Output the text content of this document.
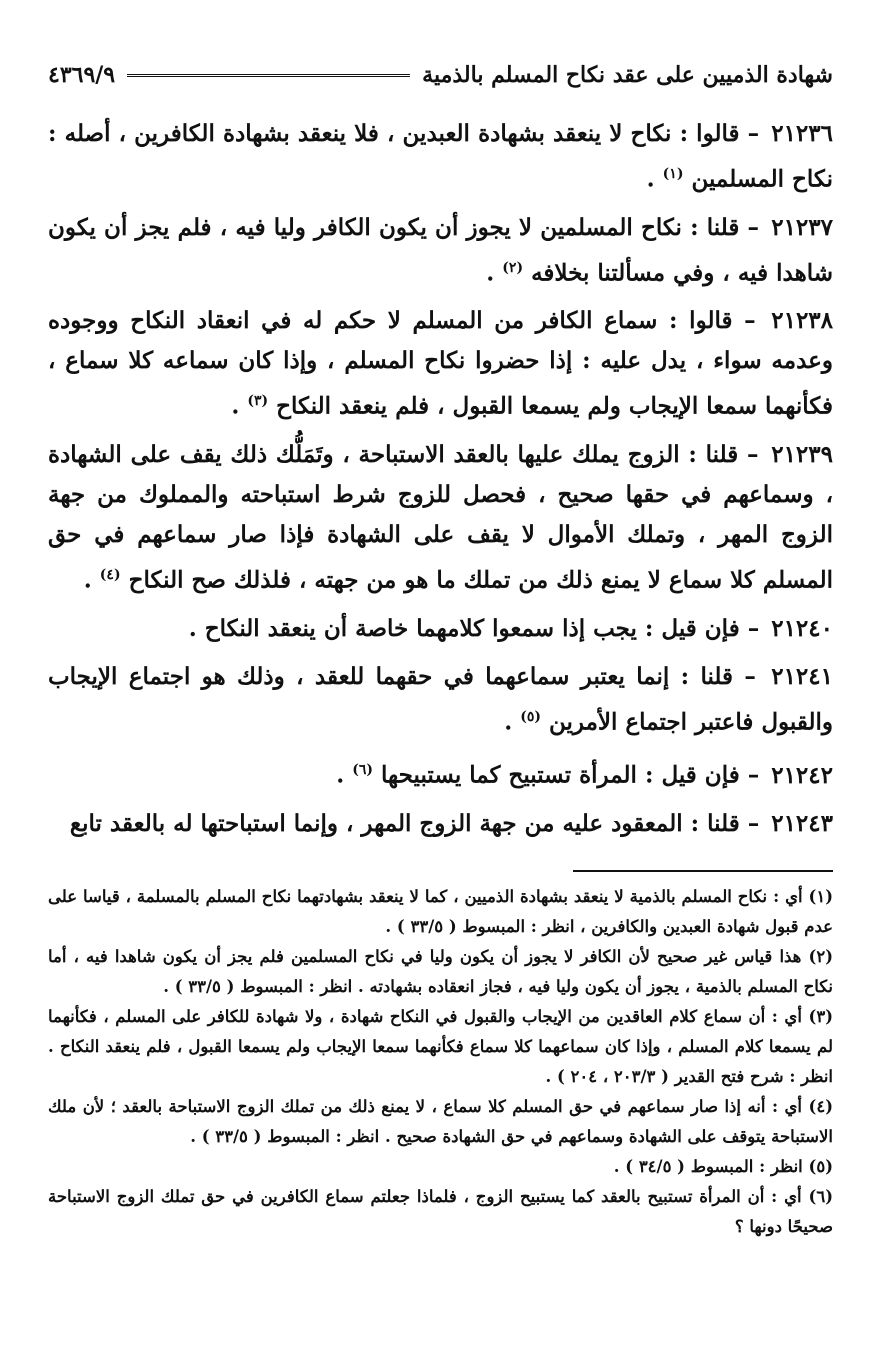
شهادة الذميين على عقد نكاح المسلم بالذمية
٤٣٦٩/٩

٢١٢٣٦ – قالوا : نكاح لا ينعقد بشهادة العبدين ، فلا ينعقد بشهادة الكافرين ، أصله : نكاح المسلمين $^{(١)}$ .

٢١٢٣٧ – قلنا : نكاح المسلمين لا يجوز أن يكون الكافر وليا فيه ، فلم يجز أن يكون شاهدا فيه ، وفي مسألتنا بخلافه $^{(٢)}$ .

٢١٢٣٨ – قالوا : سماع الكافر من المسلم لا حكم له في انعقاد النكاح ووجوده وعدمه سواء ، يدل عليه : إذا حضروا نكاح المسلم ، وإذا كان سماعه كلا سماع ، فكأنهما سمعا الإيجاب ولم يسمعا القبول ، فلم ينعقد النكاح $^{(٣)}$ .

٢١٢٣٩ – قلنا : الزوج يملك عليها بالعقد الاستباحة ، وتَمَلُّك ذلك يقف على الشهادة ، وسماعهم في حقها صحيح ، فحصل للزوج شرط استباحته والمملوك من جهة الزوج المهر ، وتملك الأموال لا يقف على الشهادة فإذا صار سماعهم في حق المسلم كلا سماع لا يمنع ذلك من تملك ما هو من جهته ، فلذلك صح النكاح $^{(٤)}$ .

٢١٢٤٠ – فإن قيل : يجب إذا سمعوا كلامهما خاصة أن ينعقد النكاح .

٢١٢٤١ – قلنا : إنما يعتبر سماعهما في حقهما للعقد ، وذلك هو اجتماع الإيجاب والقبول فاعتبر اجتماع الأمرين $^{(٥)}$ .

٢١٢٤٢ – فإن قيل : المرأة تستبيح كما يستبيحها $^{(٦)}$ .

٢١٢٤٣ – قلنا : المعقود عليه من جهة الزوج المهر ، وإنما استباحتها له بالعقد تابع

(١) أي : نكاح المسلم بالذمية لا ينعقد بشهادة الذميين ، كما لا ينعقد بشهادتهما نكاح المسلم بالمسلمة ، قياسا على عدم قبول شهادة العبدين والكافرين ، انظر : المبسوط ( ٣٣/٥ ) .

(٢) هذا قياس غير صحيح لأن الكافر لا يجوز أن يكون وليا في نكاح المسلمين فلم يجز أن يكون شاهدا فيه ، أما نكاح المسلم بالذمية ، يجوز أن يكون وليا فيه ، فجاز انعقاده بشهادته . انظر : المبسوط ( ٣٣/٥ ) .

(٣) أي : أن سماع كلام العاقدين من الإيجاب والقبول في النكاح شهادة ، ولا شهادة للكافر على المسلم ، فكأنهما لم يسمعا كلام المسلم ، وإذا كان سماعهما كلا سماع فكأنهما سمعا الإيجاب ولم يسمعا القبول ، فلم ينعقد النكاح . انظر : شرح فتح القدير ( ٢٠٣/٣ ، ٢٠٤ ) .

(٤) أي : أنه إذا صار سماعهم في حق المسلم كلا سماع ، لا يمنع ذلك من تملك الزوج الاستباحة بالعقد ؛ لأن ملك الاستباحة يتوقف على الشهادة وسماعهم في حق الشهادة صحيح . انظر : المبسوط ( ٣٣/٥ ) .

(٥) انظر : المبسوط ( ٣٤/٥ ) .

(٦) أي : أن المرأة تستبيح بالعقد كما يستبيح الزوج ، فلماذا جعلتم سماع الكافرين في حق تملك الزوج الاستباحة صحيحًا دونها ؟
